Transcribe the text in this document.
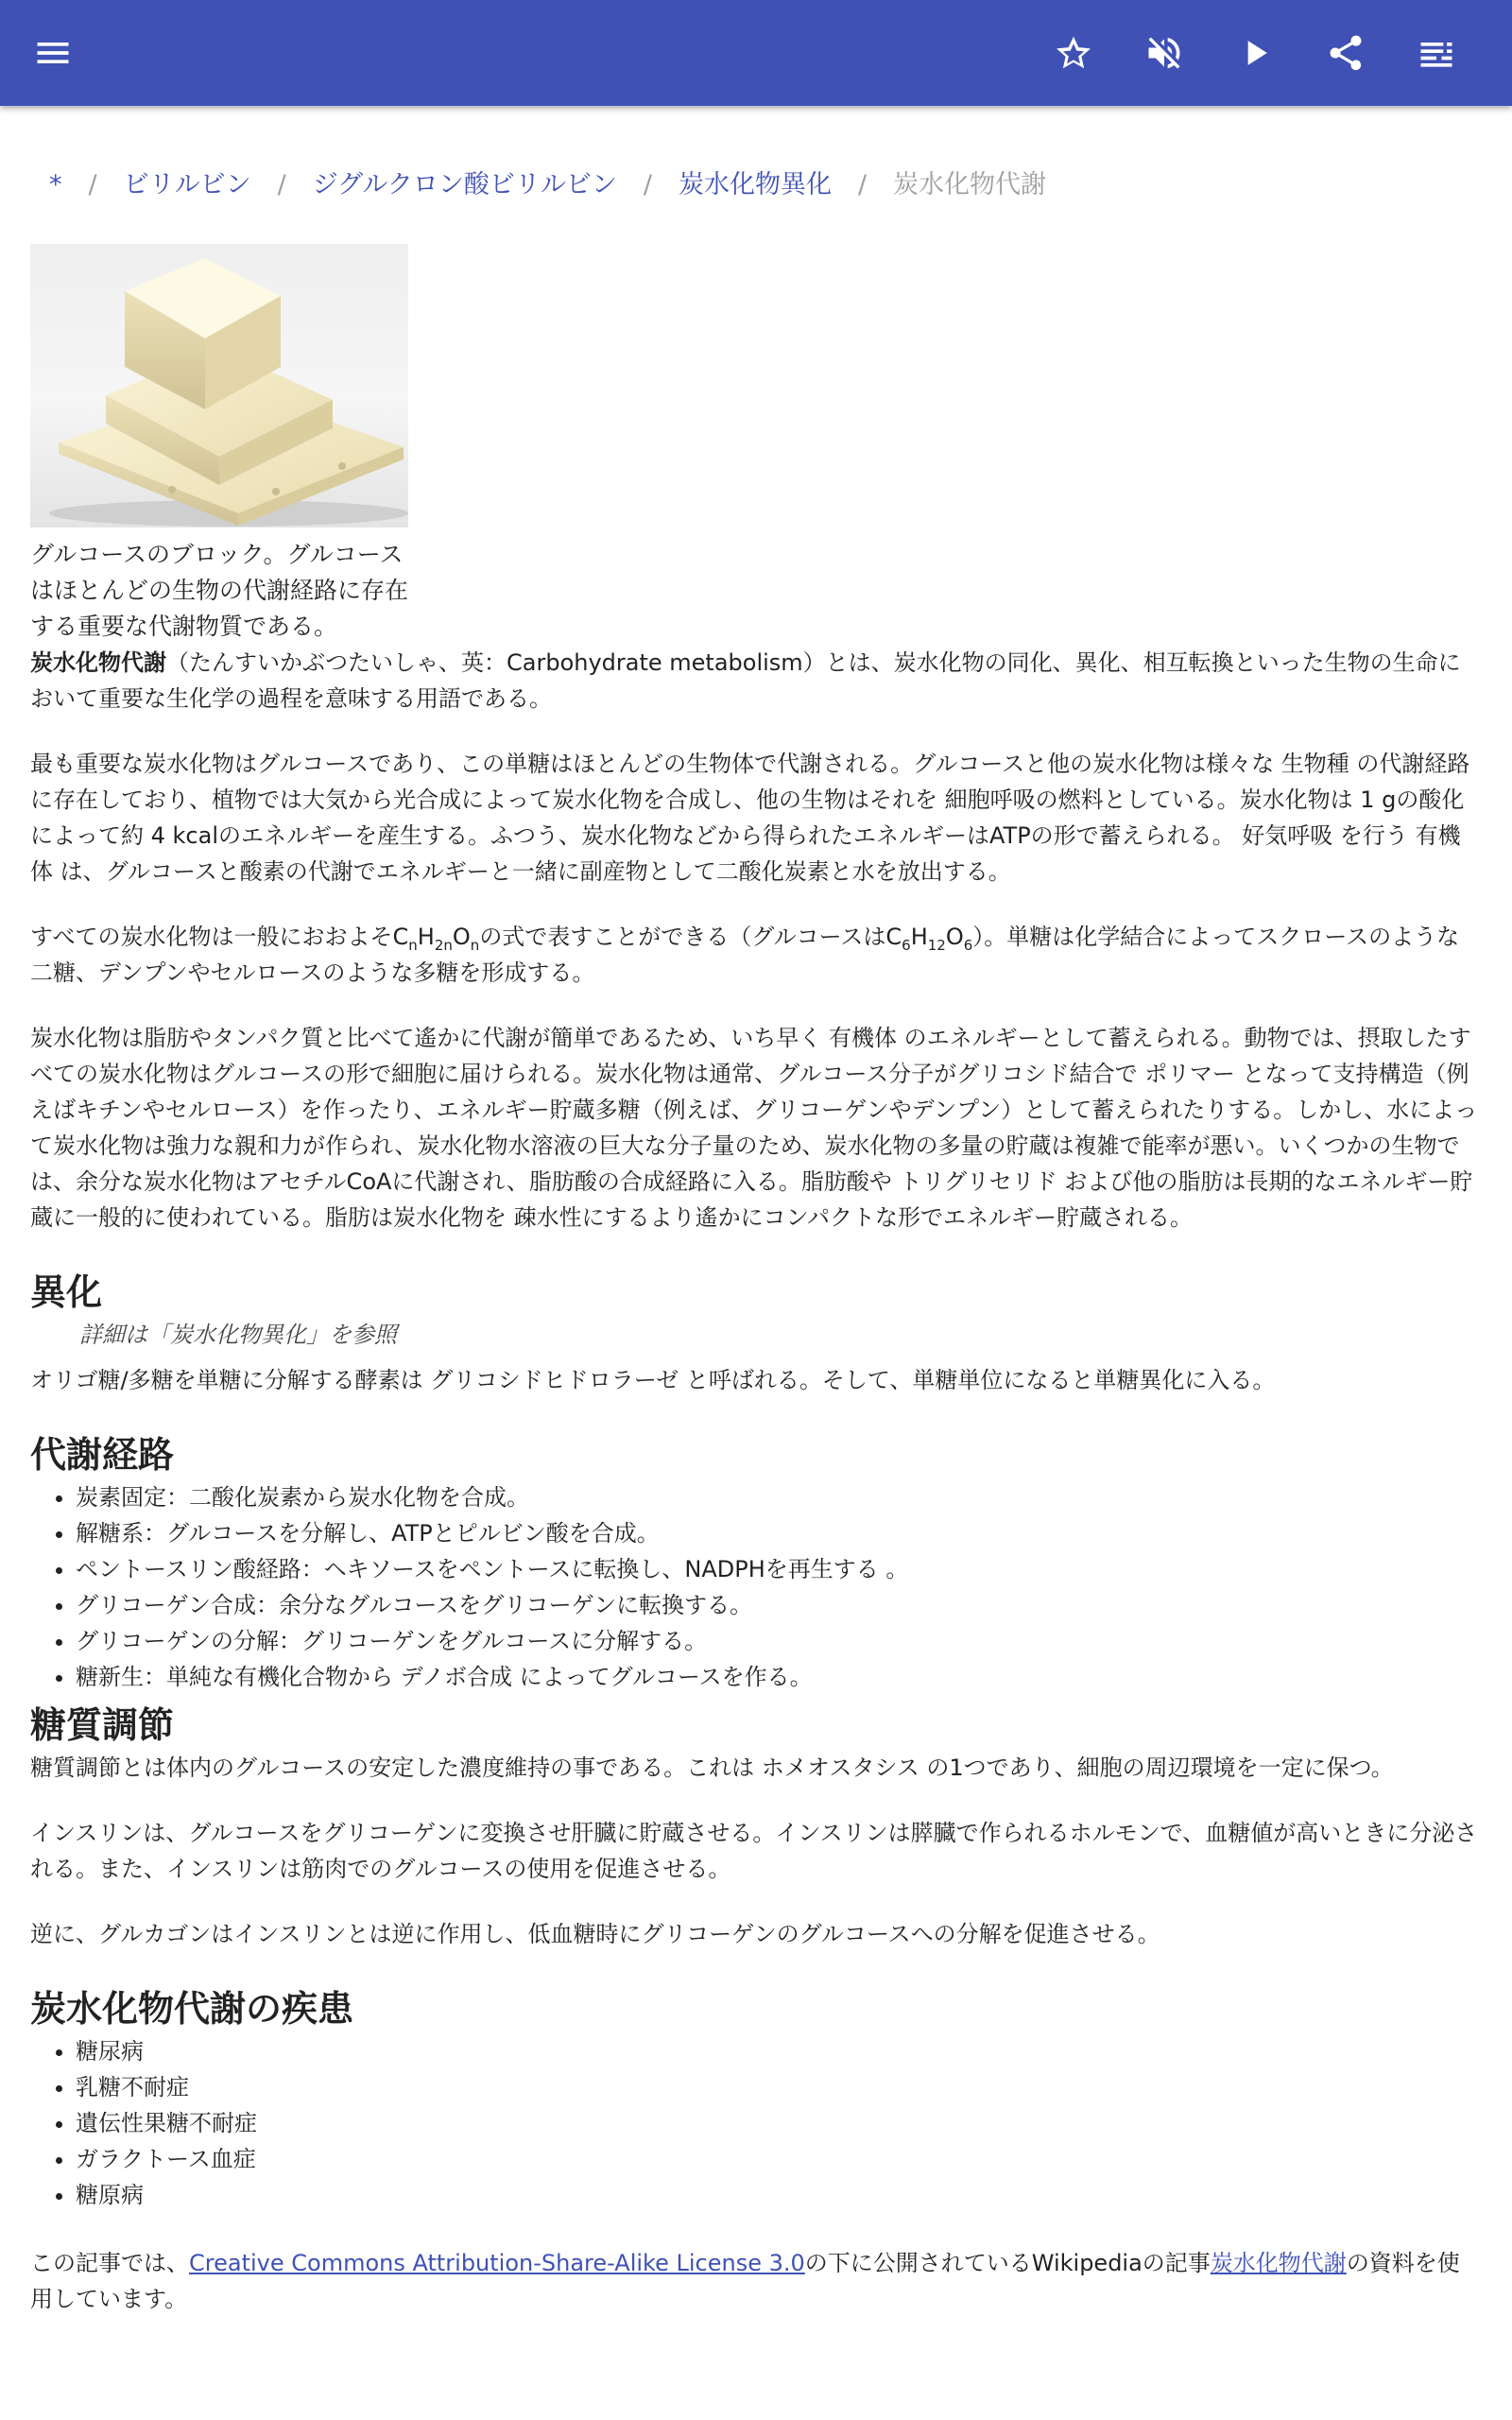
* / ビリルビン / ジグルクロン酸ビリルビン / 炭水化物異化 / 炭水化物代謝
グルコースのブロック。グルコースはほとんどの生物の代謝経路に存在する重要な代謝物質である。

炭水化物代謝（たんすいかぶつたいしゃ、英：Carbohydrate metabolism）とは、炭水化物の同化、異化、相互転換といった生物の生命において重要な生化学の過程を意味する用語である。

最も重要な炭水化物はグルコースであり、この単糖はほとんどの生物体で代謝される。グルコースと他の炭水化物は様々な 生物種 の代謝経路に存在しており、植物では大気から光合成によって炭水化物を合成し、他の生物はそれを 細胞呼吸の燃料としている。炭水化物は 1 gの酸化によって約 4 kcalのエネルギーを産生する。ふつう、炭水化物などから得られたエネルギーはATPの形で蓄えられる。 好気呼吸 を行う 有機体 は、グルコースと酸素の代謝でエネルギーと一緒に副産物として二酸化炭素と水を放出する。

すべての炭水化物は一般におおよそ$C_nH_{2n}O_n$の式で表すことができる（グルコースは$C_6H_{12}O_6$）。単糖は化学結合によってスクロースのような二糖、デンプンやセルロースのような多糖を形成する。

炭水化物は脂肪やタンパク質と比べて遙かに代謝が簡単であるため、いち早く 有機体 のエネルギーとして蓄えられる。動物では、摂取したすべての炭水化物はグルコースの形で細胞に届けられる。炭水化物は通常、グルコース分子がグリコシド結合で ポリマー となって支持構造（例えばキチンやセルロース）を作ったり、エネルギー貯蔵多糖（例えば、グリコーゲンやデンプン）として蓄えられたりする。しかし、水によって炭水化物は強力な親和力が作られ、炭水化物水溶液の巨大な分子量のため、炭水化物の多量の貯蔵は複雑で能率が悪い。いくつかの生物では、余分な炭水化物はアセチルCoAに代謝され、脂肪酸の合成経路に入る。脂肪酸や トリグリセリド および他の脂肪は長期的なエネルギー貯蔵に一般的に使われている。脂肪は炭水化物を 疎水性にするより遙かにコンパクトな形でエネルギー貯蔵される。

異化
詳細は「炭水化物異化」を参照

オリゴ糖/多糖を単糖に分解する酵素は グリコシドヒドロラーゼ と呼ばれる。そして、単糖単位になると単糖異化に入る。

代謝経路
• 炭素固定：二酸化炭素から炭水化物を合成。
• 解糖系：グルコースを分解し、ATPとピルビン酸を合成。
• ペントースリン酸経路：ヘキソースをペントースに転換し、NADPHを再生する 。
• グリコーゲン合成：余分なグルコースをグリコーゲンに転換する。
• グリコーゲンの分解：グリコーゲンをグルコースに分解する。
• 糖新生：単純な有機化合物から デノボ合成 によってグルコースを作る。
糖質調節

糖質調節とは体内のグルコースの安定した濃度維持の事である。これは ホメオスタシス の1つであり、細胞の周辺環境を一定に保つ。

インスリンは、グルコースをグリコーゲンに変換させ肝臓に貯蔵させる。インスリンは膵臓で作られるホルモンで、血糖値が高いときに分泌される。また、インスリンは筋肉でのグルコースの使用を促進させる。

逆に、グルカゴンはインスリンとは逆に作用し、低血糖時にグリコーゲンのグルコースへの分解を促進させる。

炭水化物代謝の疾患
• 糖尿病
• 乳糖不耐症
• 遺伝性果糖不耐症
• ガラクトース血症
• 糖原病

この記事では、Creative Commons Attribution-Share-Alike License 3.0の下に公開されているWikipediaの記事炭水化物代謝の資料を使用しています。
